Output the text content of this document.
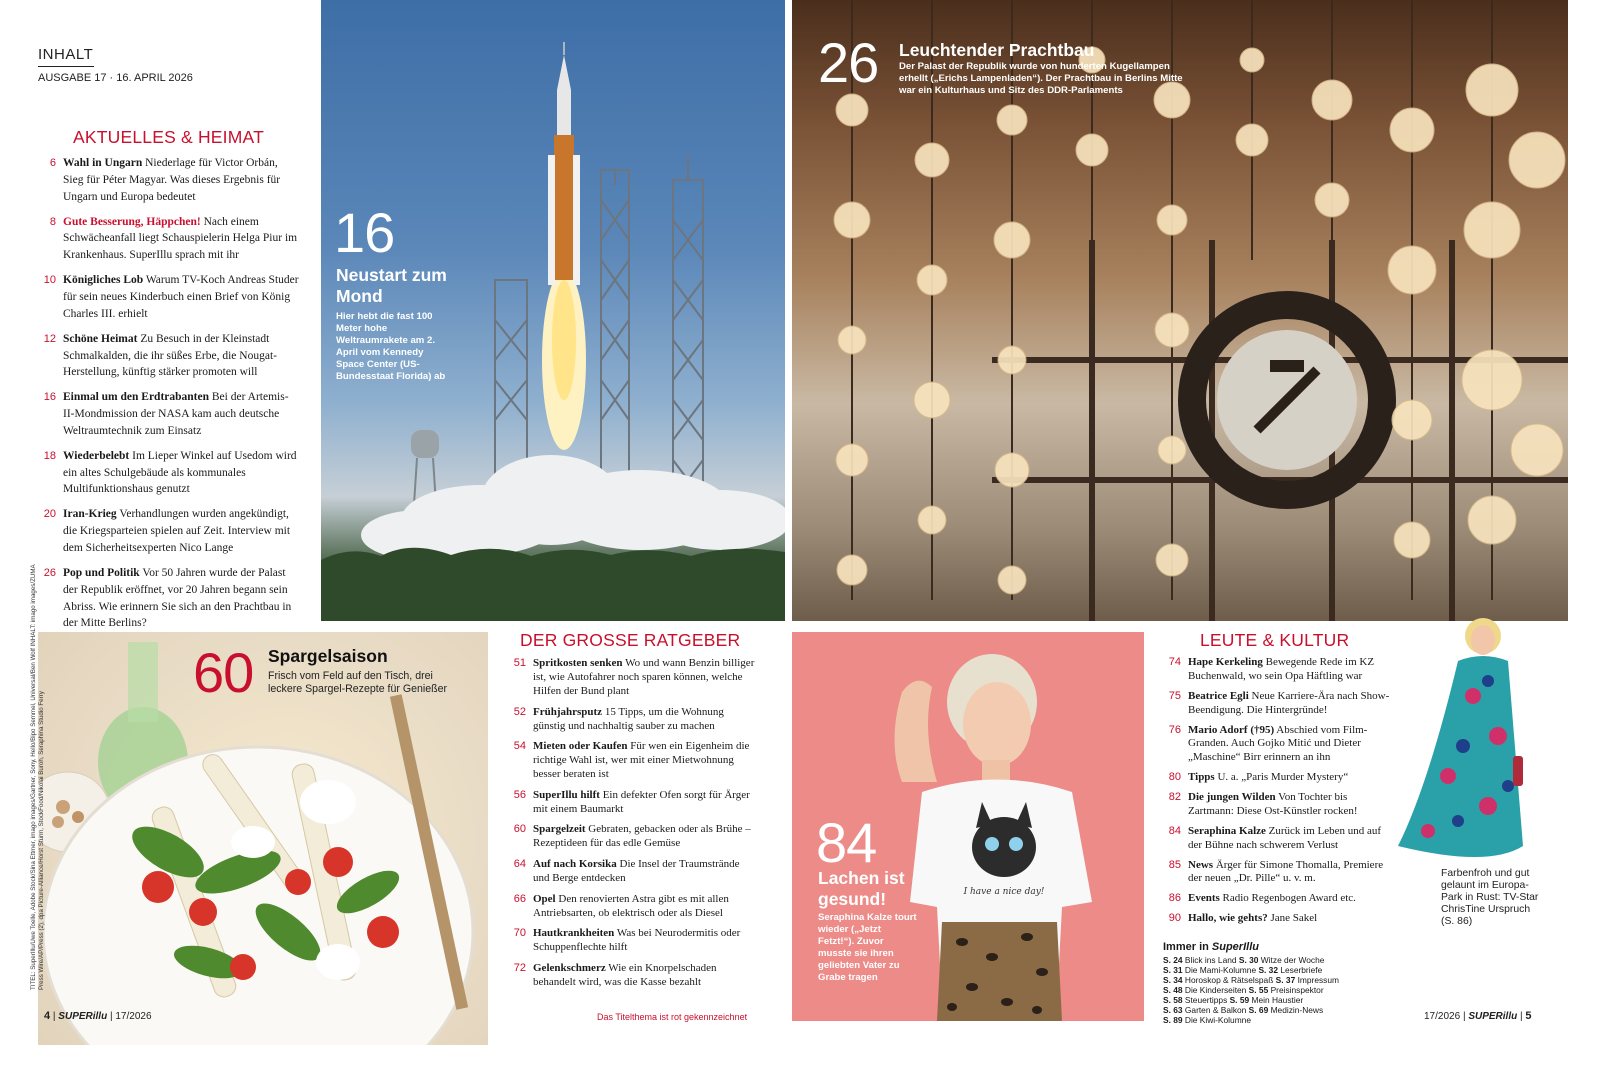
INHALT
AUSGABE 17 · 16. APRIL 2026
AKTUELLES & HEIMAT
DER GROSSE RATGEBER	LEUTE & KULTUR
6 Wahl in Ungarn Niederlage für Victor Orbán, Sieg für Péter Magyar. Was dieses Ergebnis für Ungarn und Europa bedeutet
8 Gute Besserung, Häppchen! Nach einem Schwächeanfall liegt Schauspielerin Helga Piur im Krankenhaus. SuperIllu sprach mit ihr
10 Königliches Lob Warum TV-Koch Andreas Studer für sein neues Kinderbuch einen Brief von König Charles III. erhielt
12 Schöne Heimat Zu Besuch in der Kleinstadt Schmalkalden, die ihr süßes Erbe, die Nougat-Herstellung, künftig stärker promoten will
16 Einmal um den Erdtrabanten Bei der Artemis-II-Mondmission der NASA kam auch deutsche Weltraumtechnik zum Einsatz
18 Wiederbelebt Im Lieper Winkel auf Usedom wird ein altes Schulgebäude als kommunales Multifunktionshaus genutzt
20 Iran-Krieg Verhandlungen wurden angekündigt, die Kriegsparteien spielen auf Zeit. Interview mit dem Sicherheitsexperten Nico Lange
26 Pop und Politik Vor 50 Jahren wurde der Palast der Republik eröffnet, vor 20 Jahren begann sein Abriss. Wie erinnern Sie sich an den Prachtbau in der Mitte Berlins?
51 Spritkosten senken Wo und wann Benzin billiger ist, wie Autofahrer noch sparen können, welche Hilfen der Bund plant
52 Frühjahrsputz 15 Tipps, um die Wohnung günstig und nachhaltig sauber zu machen
54 Mieten oder Kaufen Für wen ein Eigenheim die richtige Wahl ist, wer mit einer Mietwohnung besser beraten ist
56 SuperIllu hilft Ein defekter Ofen sorgt für Ärger mit einem Baumarkt
60 Spargelzeit Gebraten, gebacken oder als Brühe – Rezeptideen für das edle Gemüse
64 Auf nach Korsika Die Insel der Traumstrände und Berge entdecken
66 Opel Den renovierten Astra gibt es mit allen Antriebsarten, ob elektrisch oder als Diesel
70 Hautkrankheiten Was bei Neurodermitis oder Schuppenflechte hilft
72 Gelenkschmerz Wie ein Knorpelschaden behandelt wird, was die Kasse bezahlt
74 Hape Kerkeling Bewegende Rede im KZ Buchenwald, wo sein Opa Häftling war
75 Beatrice Egli Neue Karriere-Ära nach Show-Beendigung. Die Hintergründe!
76 Mario Adorf (†95) Abschied vom Film-Granden. Auch Gojko Mitić und Dieter „Maschine“ Birr erinnern an ihn
80 Tipps U. a. „Paris Murder Mystery“
82 Die jungen Wilden Von Tochter bis Zartmann: Diese Ost-Künstler rocken!
84 Seraphina Kalze Zurück im Leben und auf der Bühne nach schwerem Verlust
85 News Ärger für Simone Thomalla, Premiere der neuen „Dr. Pille“ u. v. m.
86 Events Radio Regenbogen Award etc.
90 Hallo, wie gehts? Jane Sakel
16
Neustart zum Mond
Hier hebt die fast 100 Meter hohe Weltraumrakete am 2. April vom Kennedy Space Center (US-Bundesstaat Florida) ab
26 Leuchtender Prachtbau
Der Palast der Republik wurde von hunderten Kugellampen erhellt („Erichs Lampenladen“). Der Prachtbau in Berlins Mitte war ein Kulturhaus und Sitz des DDR-Parlaments
60 Spargelsaison
Frisch vom Feld auf den Tisch, drei leckere Spargel-Rezepte für Genießer
I have a nice day!
84
Lachen ist gesund!
Seraphina Kalze tourt wieder („Jetzt Fetzt!“). Zuvor musste sie ihren geliebten Vater zu Grabe tragen
Farbenfroh und gut gelaunt im Europa-Park in Rust: TV-Star ChrisTine Urspruch (S. 86)
Immer in SuperIllu
S. 24 Blick ins Land S. 30 Witze der Woche
S. 31 Die Mami-Kolumne S. 32 Leserbriefe
S. 34 Horoskop & Rätselspaß S. 37 Impressum
S. 48 Die Kinderseiten S. 55 Preisinspektor
S. 58 Steuertipps S. 59 Mein Haustier
S. 63 Garten & Balkon S. 69 Medizin-News
S. 89 Die Kiwi-Kolumne
4 | SUPERillu | 17/2026	Das Titelthema ist rot gekennzeichnet	17/2026 | SUPERillu | 5
TITEL: SuperIllu/Uwe Toelle, Adobe Stock/Sina Ettmer, imago images/Gartner, Sony, Hello/Bipo Semmel, Universal/Ben Wolf INHALT: imago images/ZUMA Press Wire/AP/Press (2), dpa Picture-Alliance/Horst Sturm, StockFood/Nikolai Buroh, Seraphina Studio Ferry
